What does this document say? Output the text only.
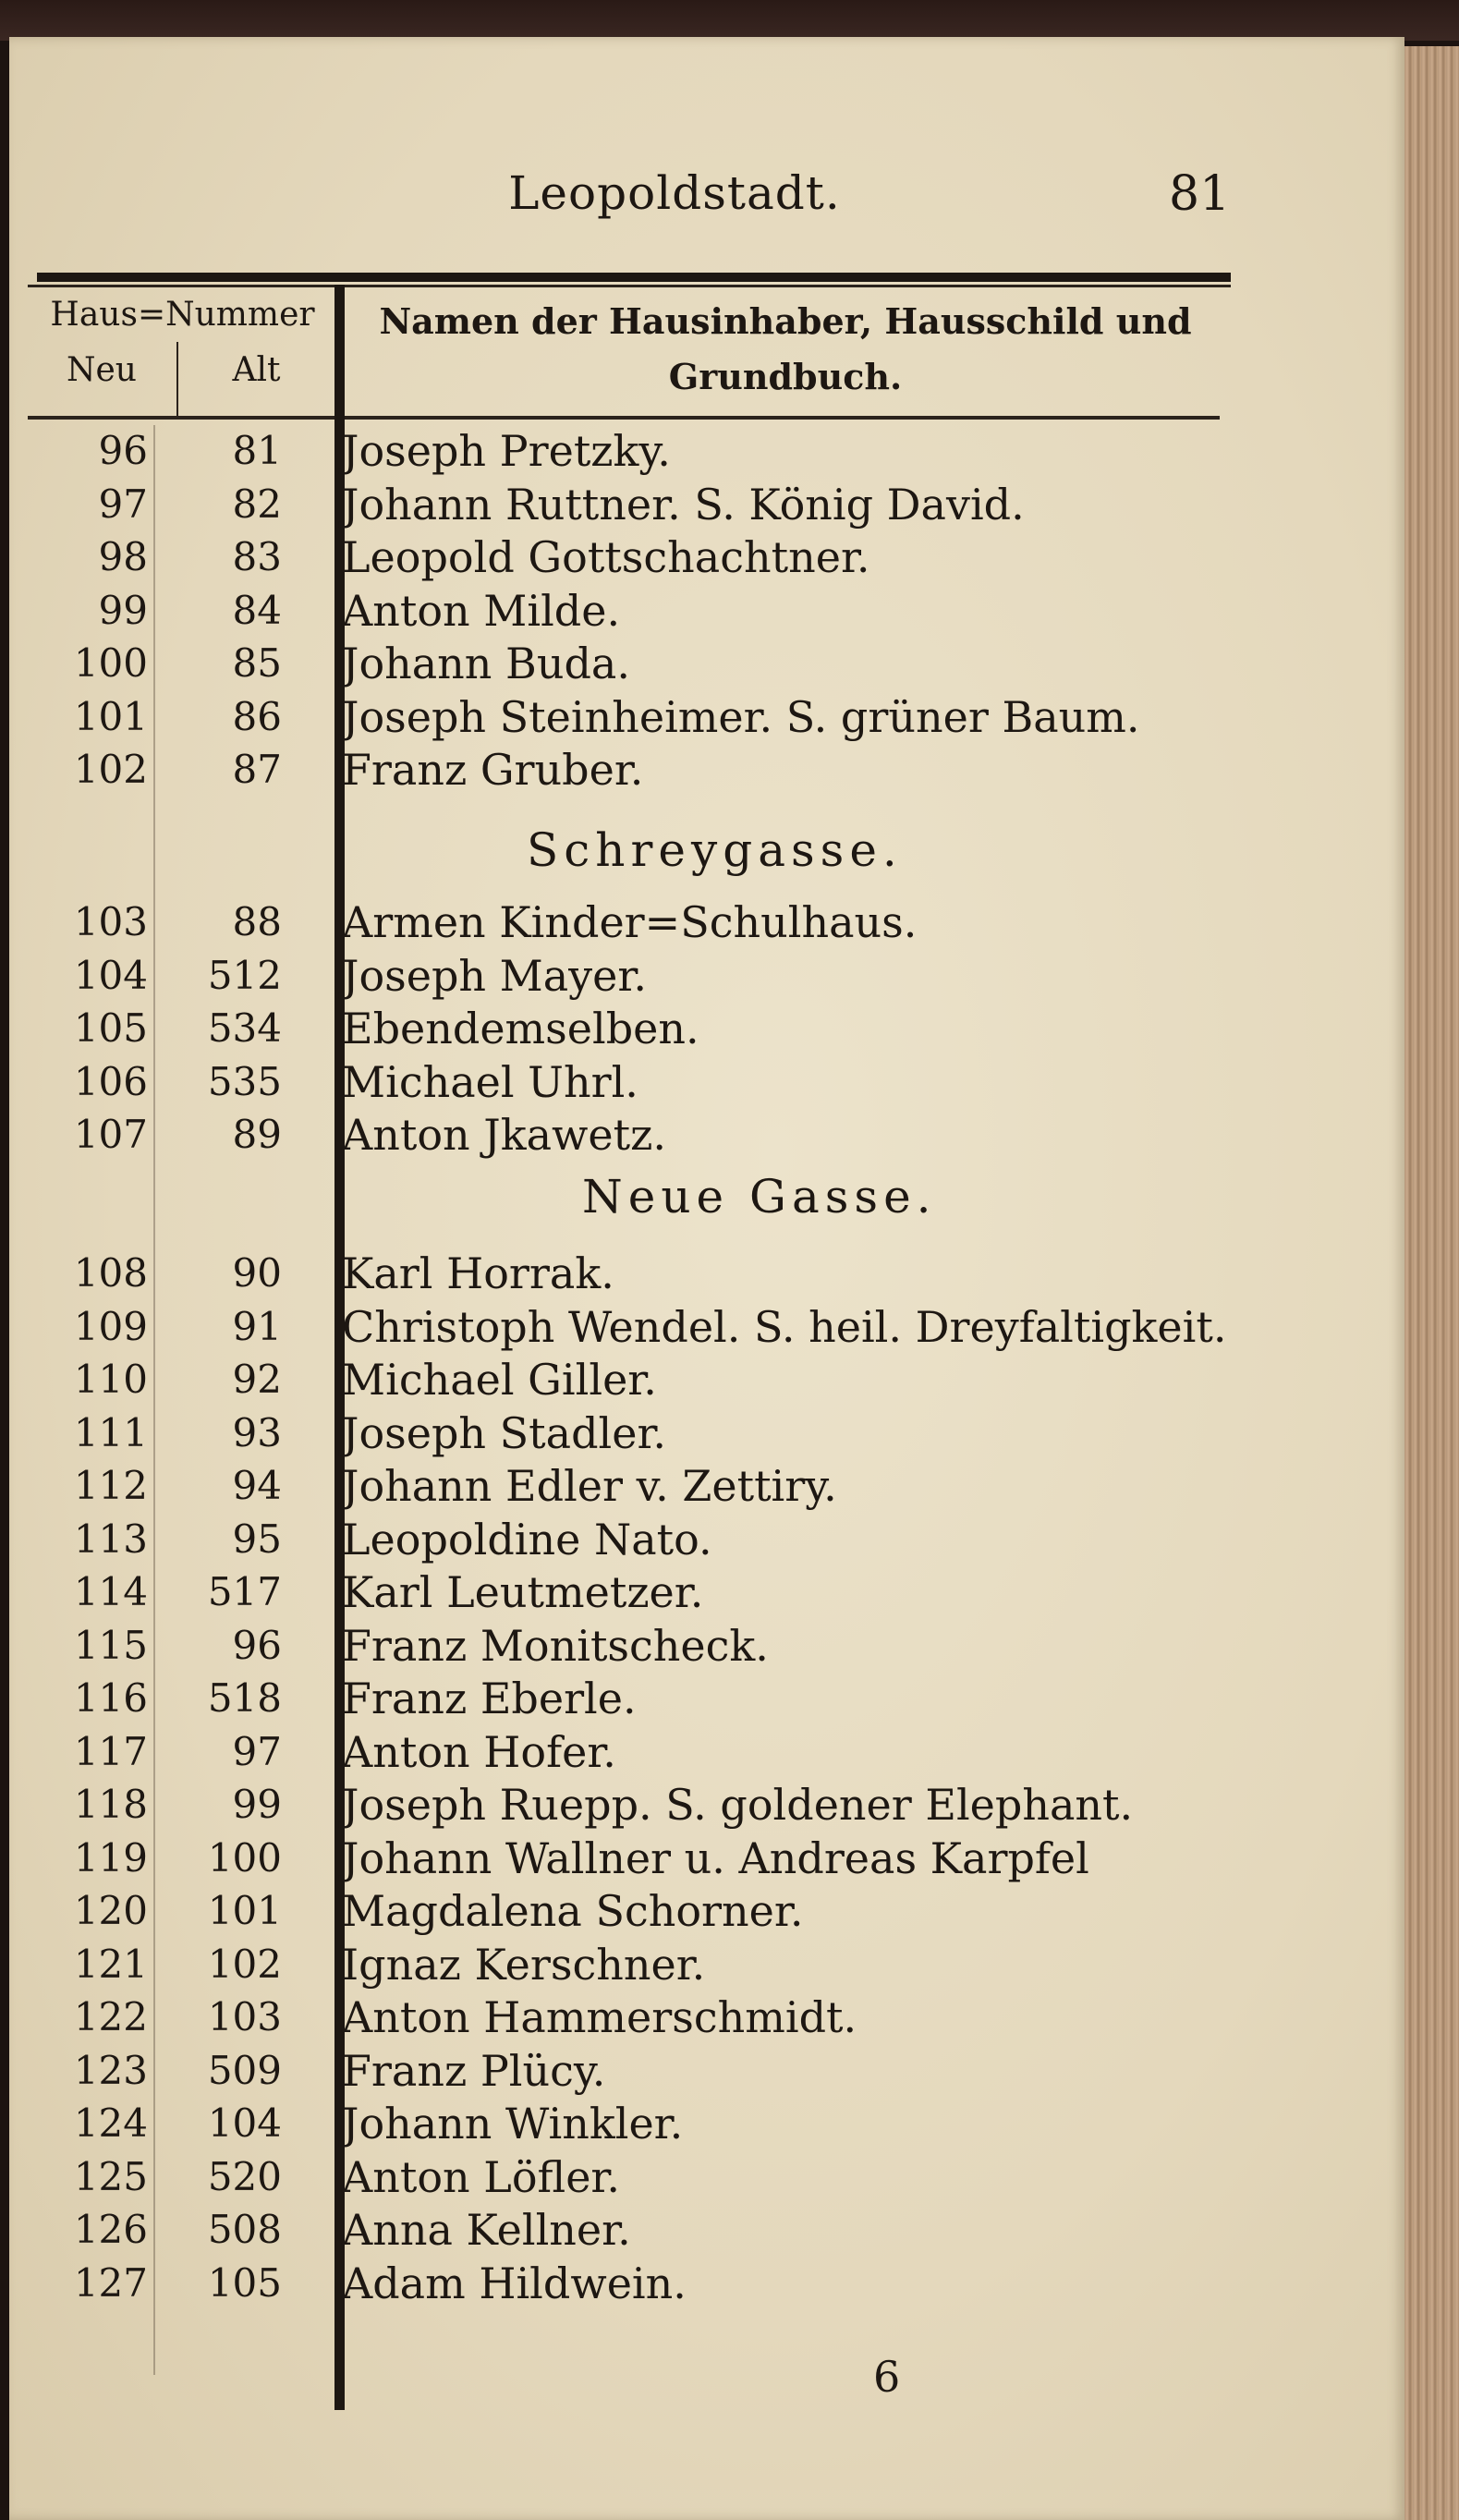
Leopoldstadt.	81
Haus=Nummer
Neu	Alt
Namen der Hausinhaber, Hausschild und
Grundbuch.
96	81 Joseph Pretzky.
97	82 Johann Ruttner. S. König David.
98	83 Leopold Gottschachtner.
99	84 Anton Milde.
100	85 Johann Buda.
101	86 Joseph Steinheimer. S. grüner Baum.
102	87 Franz Gruber.
103	88 Armen Kinder=Schulhaus.
104	512 Joseph Mayer.
105	534 Ebendemselben.
106	535 Michael Uhrl.
107	89 Anton Jkawetz.
108	90 Karl Horrak.
109	91 Christoph Wendel. S. heil. Dreyfaltigkeit.
110	92 Michael Giller.
111	93 Joseph Stadler.
112	94 Johann Edler v. Zettiry.
113	95 Leopoldine Nato.
114	517 Karl Leutmetzer.
115	96 Franz Monitscheck.
116	518 Franz Eberle.
117	97 Anton Hofer.
118	99 Joseph Ruepp. S. goldener Elephant.
119	100 Johann Wallner u. Andreas Karpfel
120	101 Magdalena Schorner.
121	102 Ignaz Kerschner.
122	103 Anton Hammerschmidt.
123	509 Franz Plücy.
124	104 Johann Winkler.
125	520 Anton Löfler.
126	508 Anna Kellner.
127	105 Adam Hildwein.
Schreygasse.
Neue Gasse.
6
